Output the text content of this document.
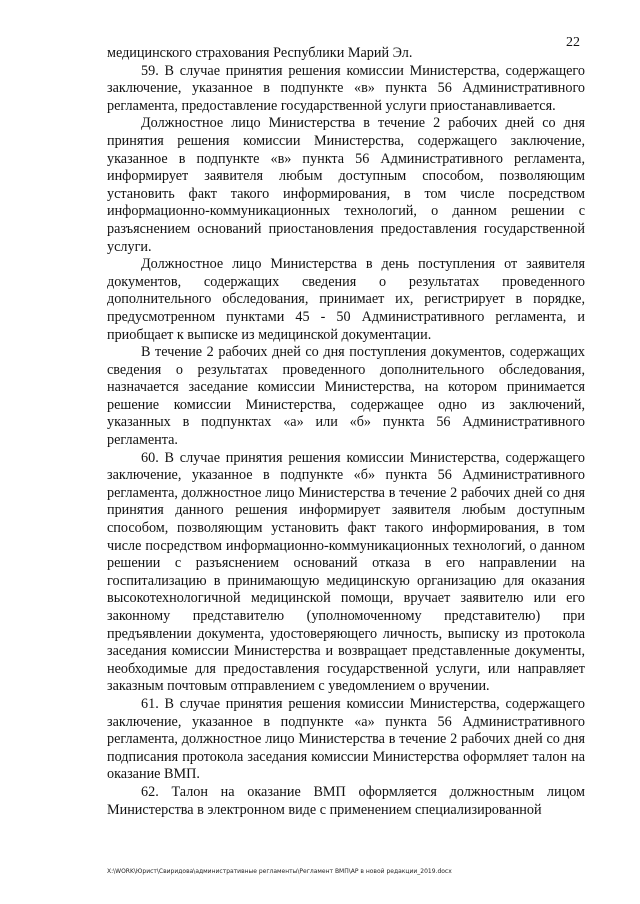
22

медицинского страхования Республики Марий Эл.

59. В случае принятия решения комиссии Министерства, содержащего заключение, указанное в подпункте «в» пункта 56 Административного регламента, предоставление государственной услуги приостанавливается.

Должностное лицо Министерства в течение 2 рабочих дней со дня принятия решения комиссии Министерства, содержащего заключение, указанное в подпункте «в» пункта 56 Административного регламента, информирует заявителя любым доступным способом, позволяющим установить факт такого информирования, в том числе посредством информационно-коммуникационных технологий, о данном решении с разъяснением оснований приостановления предоставления государственной услуги.

Должностное лицо Министерства в день поступления от заявителя документов, содержащих сведения о результатах проведенного дополнительного обследования, принимает их, регистрирует в порядке, предусмотренном пунктами 45 - 50 Административного регламента, и приобщает к выписке из медицинской документации.

В течение 2 рабочих дней со дня поступления документов, содержащих сведения о результатах проведенного дополнительного обследования, назначается заседание комиссии Министерства, на котором принимается решение комиссии Министерства, содержащее одно из заключений, указанных в подпунктах «а» или «б» пункта 56 Административного регламента.

60. В случае принятия решения комиссии Министерства, содержащего заключение, указанное в подпункте «б» пункта 56 Административного регламента, должностное лицо Министерства в течение 2 рабочих дней со дня принятия данного решения информирует заявителя любым доступным способом, позволяющим установить факт такого информирования, в том числе посредством информационно-коммуникационных технологий, о данном решении с разъяснением оснований отказа в его направлении на госпитализацию в принимающую медицинскую организацию для оказания высокотехнологичной медицинской помощи, вручает заявителю или его законному представителю (уполномоченному представителю) при предъявлении документа, удостоверяющего личность, выписку из протокола заседания комиссии Министерства и возвращает представленные документы, необходимые для предоставления государственной услуги, или направляет заказным почтовым отправлением с уведомлением о вручении.

61. В случае принятия решения комиссии Министерства, содержащего заключение, указанное в подпункте «а» пункта 56 Административного регламента, должностное лицо Министерства в течение 2 рабочих дней со дня подписания протокола заседания комиссии Министерства оформляет талон на оказание ВМП.

62. Талон на оказание ВМП оформляется должностным лицом Министерства в электронном виде с применением специализированной

X:\WORK\Юрист\Свиридова\административные регламенты\Регламент ВМП\АР в новой редакции_2019.docx
